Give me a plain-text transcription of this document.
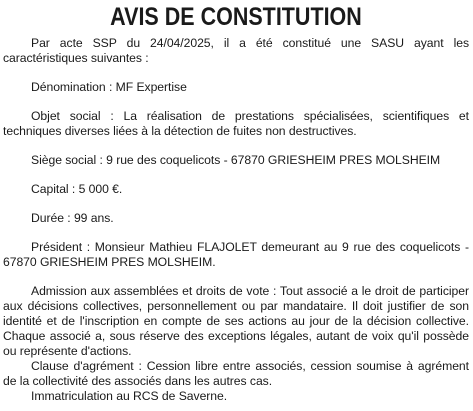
AVIS DE CONSTITUTION

Par acte SSP du 24/04/2025, il a été constitué une SASU ayant les caractéristiques suivantes :

Dénomination : MF Expertise

Objet social : La réalisation de prestations spécialisées, scientifiques et techniques diverses liées à la détection de fuites non destructives.

Siège social : 9 rue des coquelicots - 67870 GRIESHEIM PRES MOLSHEIM

Capital : 5 000 €.

Durée : 99 ans.

Président : Monsieur Mathieu FLAJOLET demeurant au 9 rue des coquelicots - 67870 GRIESHEIM PRES MOLSHEIM.

Admission aux assemblées et droits de vote : Tout associé a le droit de participer aux décisions collectives, personnellement ou par mandataire. Il doit justifier de son identité et de l'inscription en compte de ses actions au jour de la décision collective. Chaque associé a, sous réserve des exceptions légales, autant de voix qu'il possède ou représente d'actions.

Clause d'agrément : Cession libre entre associés, cession soumise à agrément de la collectivité des associés dans les autres cas.

Immatriculation au RCS de Saverne.
